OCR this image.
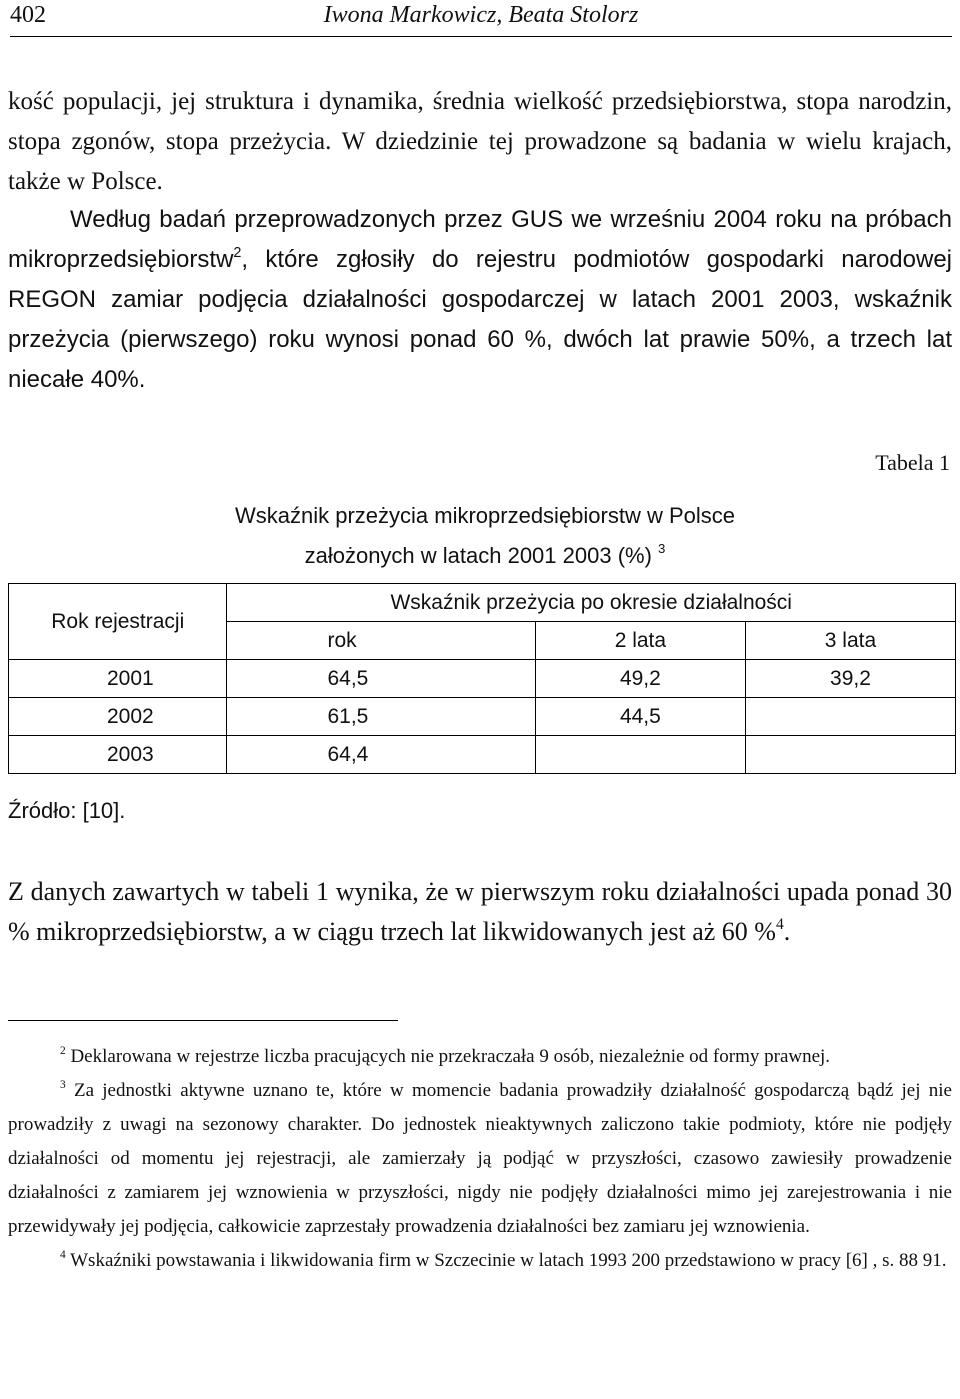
402	Iwona Markowicz, Beata Stolorz

kość populacji, jej struktura i dynamika, średnia wielkość przedsiębiorstwa, stopa narodzin, stopa zgonów, stopa przeżycia. W dziedzinie tej prowadzone są badania w wielu krajach, także w Polsce.

Według badań przeprowadzonych przez GUS we wrześniu 2004 roku na próbach mikroprzedsiębiorstw$^2$, które zgłosiły do rejestru podmiotów gospodarki narodowej REGON zamiar podjęcia działalności gospodarczej w latach 2001 2003, wskaźnik przeżycia (pierwszego) roku wynosi ponad 60 %, dwóch lat prawie 50%, a trzech lat niecałe 40%.

Tabela 1
Wskaźnik przeżycia mikroprzedsiębiorstw w Polsce
założonych w latach 2001 2003 (%) $^3$
Rok rejestracji	Wskaźnik przeżycia po okresie działalności		
	rok	2 lata	3 lata
2001	64,5	49,2	39,2
2002	61,5	44,5	
2003	64,4		
Źródło: [10].

Z danych zawartych w tabeli 1 wynika, że w pierwszym roku działalności upada ponad 30 % mikroprzedsiębiorstw, a w ciągu trzech lat likwidowanych jest aż 60 %$^4$.

$^2$ Deklarowana w rejestrze liczba pracujących nie przekraczała 9 osób, niezależnie od formy prawnej.

$^3$ Za jednostki aktywne uznano te, które w momencie badania prowadziły działalność gospodarczą bądź jej nie prowadziły z uwagi na sezonowy charakter. Do jednostek nieaktywnych zaliczono takie podmioty, które nie podjęły działalności od momentu jej rejestracji, ale zamierzały ją podjąć w przyszłości, czasowo zawiesiły prowadzenie działalności z zamiarem jej wznowienia w przyszłości, nigdy nie podjęły działalności mimo jej zarejestrowania i nie przewidywały jej podjęcia, całkowicie zaprzestały prowadzenia działalności bez zamiaru jej wznowienia.

$^4$ Wskaźniki powstawania i likwidowania firm w Szczecinie w latach 1993 200 przedstawiono w pracy [6] , s. 88 91.
